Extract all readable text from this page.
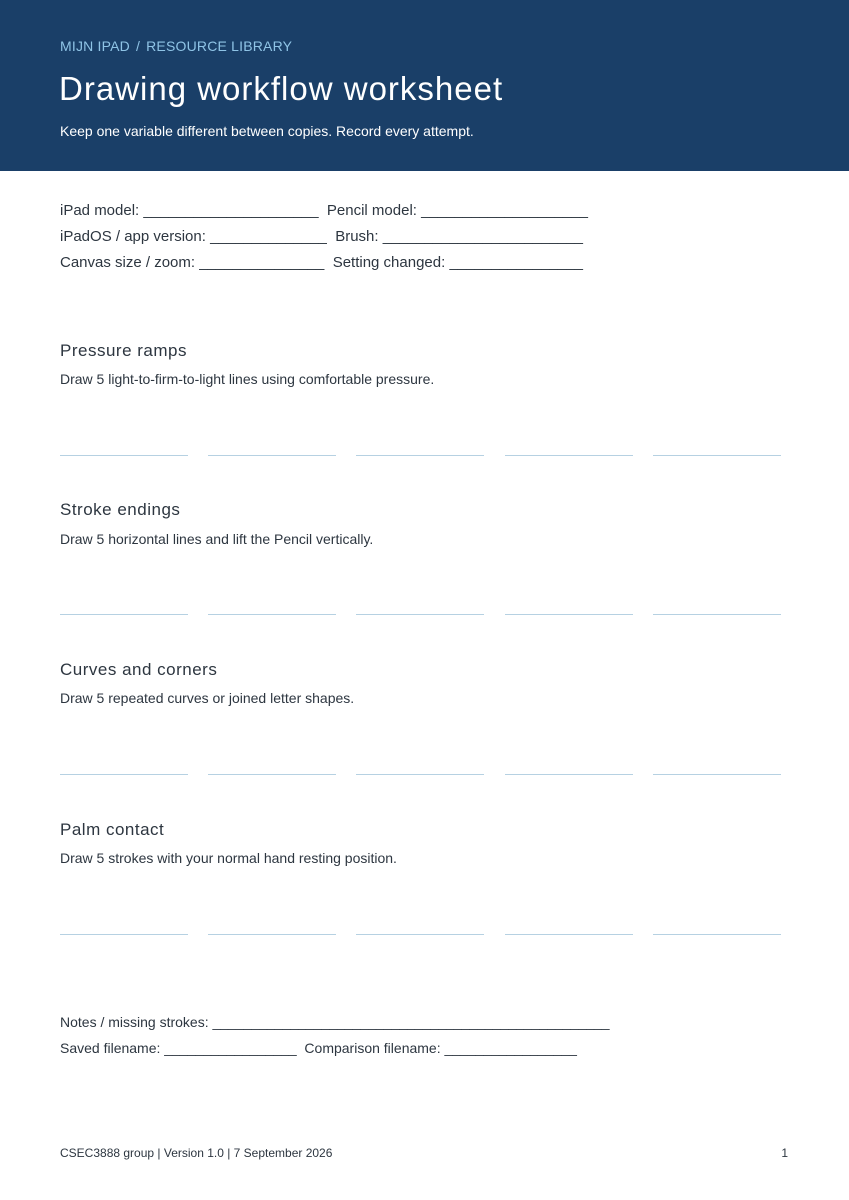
MIJN IPAD / RESOURCE LIBRARY
Drawing workflow worksheet
Keep one variable different between copies. Record every attempt.
iPad model: _____________________  Pencil model: ____________________
iPadOS / app version: ______________  Brush: ________________________
Canvas size / zoom: _______________  Setting changed: ________________
Pressure ramps
Draw 5 light-to-firm-to-light lines using comfortable pressure.
Stroke endings
Draw 5 horizontal lines and lift the Pencil vertically.
Curves and corners
Draw 5 repeated curves or joined letter shapes.
Palm contact
Draw 5 strokes with your normal hand resting position.
Notes / missing strokes: ___________________________________________________
Saved filename: _________________  Comparison filename: _________________
CSEC3888 group | Version 1.0 | 7 September 2026	1
